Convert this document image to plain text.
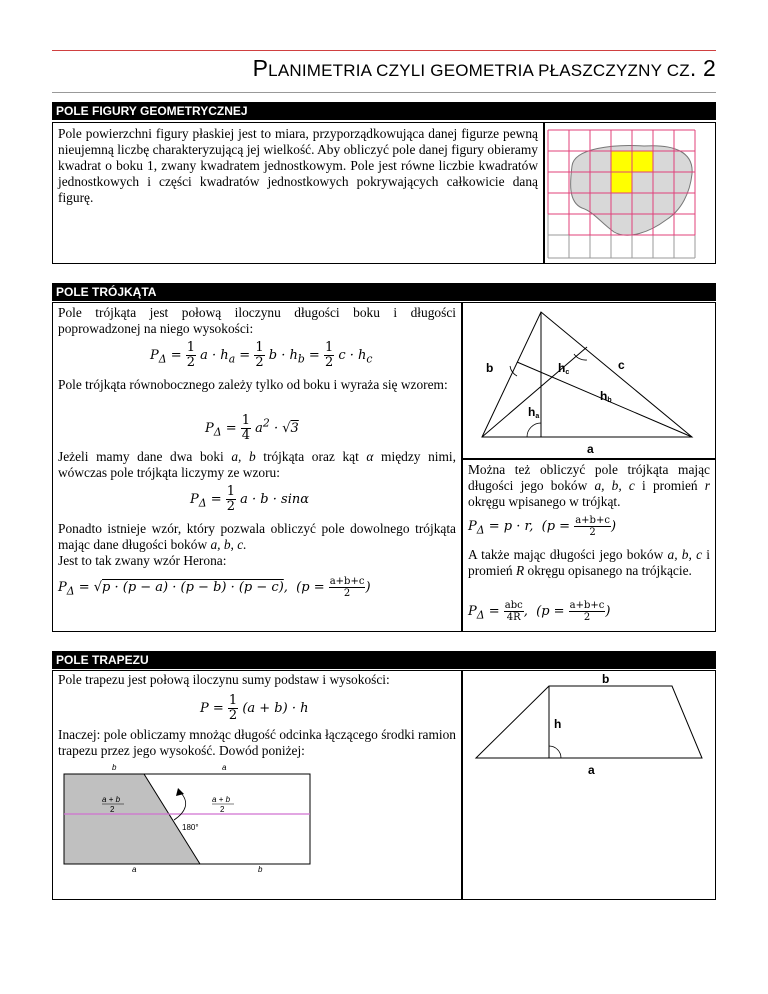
PLANIMETRIA CZYLI GEOMETRIA PŁASZCZYZNY CZ. 2
POLE FIGURY GEOMETRYCZNEJ
Pole powierzchni figury płaskiej jest to miara, przyporządkowująca danej figurze pewną nieujemną liczbę charakteryzującą jej wielkość. Aby obliczyć pole danej figury obieramy kwadrat o boku 1, zwany kwadratem jednostkowym. Pole jest równe liczbie kwadratów jednostkowych i części kwadratów jednostkowych pokrywających całkowicie daną figurę.
POLE TRÓJKĄTA
Pole trójkąta jest połową iloczynu długości boku i długości poprowadzonej na niego wysokości:
$P_\Delta = \frac{1}{2}$ $a \cdot h_a = \frac{1}{2}$ $b \cdot h_b = \frac{1}{2}$ $c \cdot h_c$
Pole trójkąta równobocznego zależy tylko od boku i wyraża się wzorem:
$P_\Delta = \frac{1}{4} a^2 \cdot √3$
Jeżeli mamy dane dwa boki a, b trójkąta oraz kąt α między nimi, wówczas pole trójkąta liczymy ze wzoru:
$P_\Delta = \frac{1}{2}$ a · b · sinα
Ponadto istnieje wzór, który pozwala obliczyć pole dowolnego trójkąta mając dane długości boków a, b, c.
Jest to tak zwany wzór Herona:
$P_\Delta = √p \cdot (p - a) \cdot (p - b) \cdot (p - c)$,  ($p = \frac{a+b+c}{2}$ )
b	c
a
hc
hb
ha
Można też obliczyć pole trójkąta mając długości jego boków a, b, c i promień r okręgu wpisanego w trójkąt.
$P_\Delta = p \cdot r$,  ($p = \frac{a+b+c}{2}$ )
A także mając długości jego boków a, b, c i promień R okręgu opisanego na trójkącie.
$P_\Delta = \frac{\text{abc}}{4R}$ ,  ($p = \frac{a+b+c}{2}$ )
POLE TRAPEZU
Pole trapezu jest połową iloczynu sumy podstaw i wysokości:
$P = \frac{1}{2} (a + b) \cdot h$
Inaczej: pole obliczamy mnożąc długość odcinka łączącego środki ramion trapezu przez jego wysokość. Dowód poniżej:
b	a
a	b
a + b
2
a + b
2
180°
b
h
a
